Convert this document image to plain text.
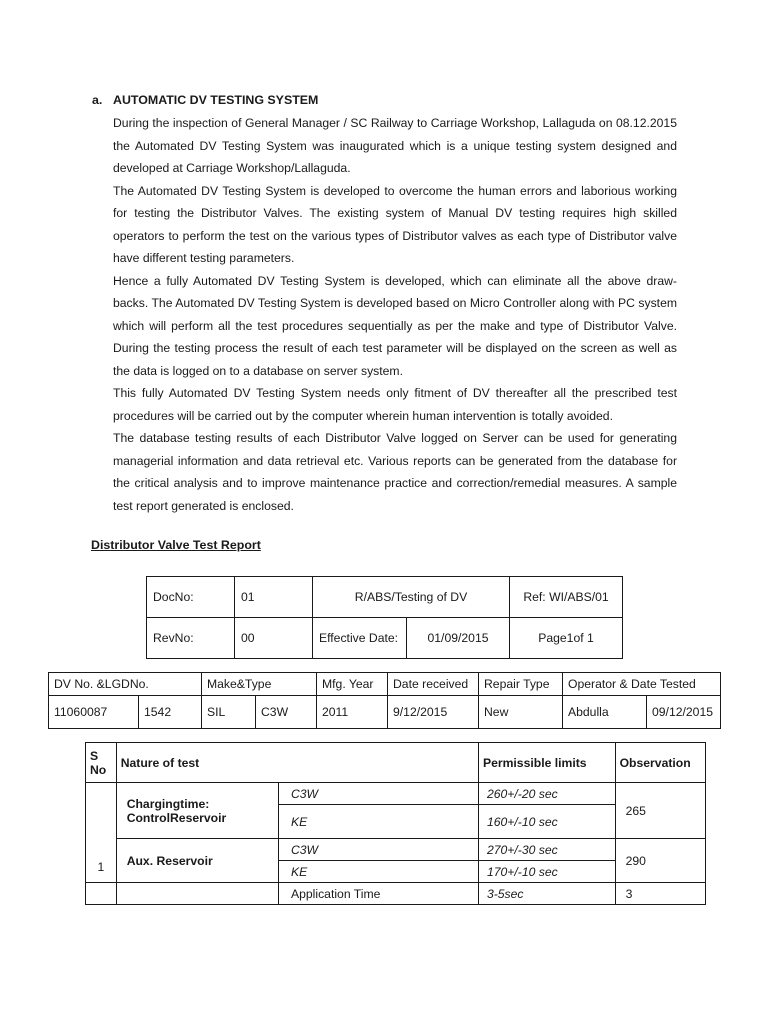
a. AUTOMATIC DV TESTING SYSTEM

During the inspection of General Manager / SC Railway to Carriage Workshop, Lallaguda on 08.12.2015 the Automated DV Testing System was inaugurated which is a unique testing system designed and developed at Carriage Workshop/Lallaguda.

The Automated DV Testing System is developed to overcome the human errors and laborious working for testing the Distributor Valves. The existing system of Manual DV testing requires high skilled operators to perform the test on the various types of Distributor valves as each type of Distributor valve have different testing parameters.

Hence a fully Automated DV Testing System is developed, which can eliminate all the above draw-backs. The Automated DV Testing System is developed based on Micro Controller along with PC system which will perform all the test procedures sequentially as per the make and type of Distributor Valve. During the testing process the result of each test parameter will be displayed on the screen as well as the data is logged on to a database on server system.

This fully Automated DV Testing System needs only fitment of DV thereafter all the prescribed test procedures will be carried out by the computer wherein human intervention is totally avoided.

The database testing results of each Distributor Valve logged on Server can be used for generating managerial information and data retrieval etc. Various reports can be generated from the database for the critical analysis and to improve maintenance practice and correction/remedial measures. A sample test report generated is enclosed.

Distributor Valve Test Report
DocNo:	01	R/ABS/Testing of DV		Ref: WI/ABS/01
RevNo:	00	Effective Date:	01/09/2015	Page1of 1
DV No. &LGDNo.		Make&Type		Mfg. Year	Date received	Repair Type	Operator & Date Tested	
11060087	1542	SIL	C3W	2011	9/12/2015	New	Abdulla	09/12/2015
S No	Nature of test		Permissible limits	Observation
1	Chargingtime: ControlReservoir	C3W	260+/-20 sec	265
		KE	160+/-10 sec	
	Aux. Reservoir	C3W	270+/-30 sec	290
		KE	170+/-10 sec	
		Application Time	3-5sec	3
